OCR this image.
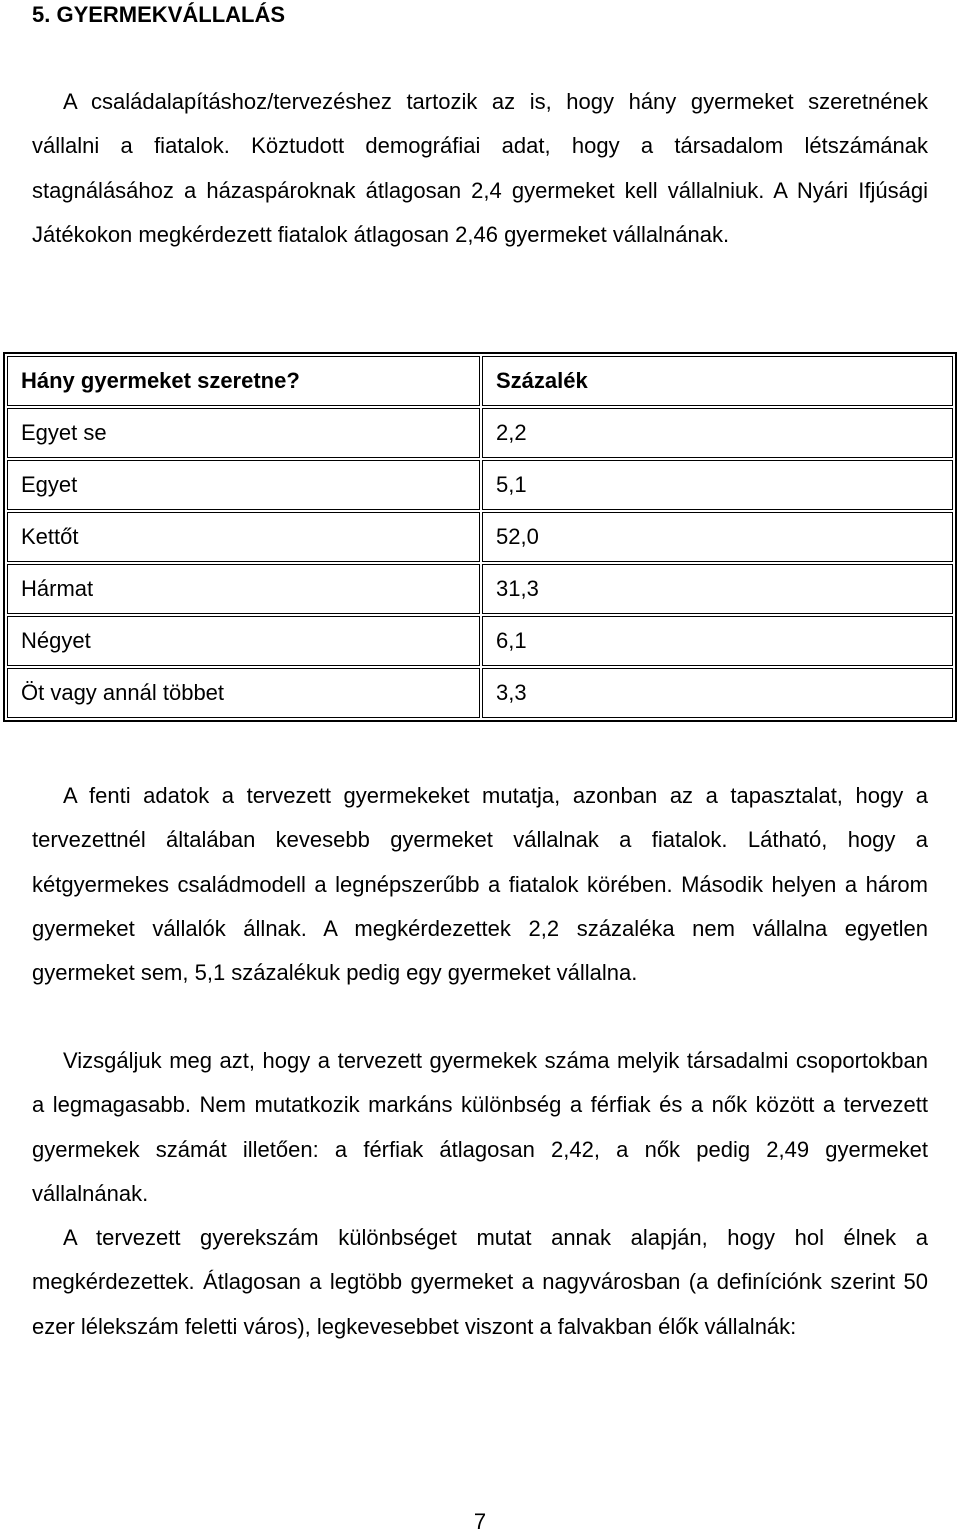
5. GYERMEKVÁLLALÁS

A családalapításhoz/tervezéshez tartozik az is, hogy hány gyermeket szeretnének vállalni a fiatalok. Köztudott demográfiai adat, hogy a társadalom létszámának stagnálásához a házaspároknak átlagosan 2,4 gyermeket kell vállalniuk. A Nyári Ifjúsági Játékokon megkérdezett fiatalok átlagosan 2,46 gyermeket vállalnának.

Hány gyermeket szeretne?	Százalék
Egyet se	2,2
Egyet	5,1
Kettőt	52,0
Hármat	31,3
Négyet	6,1
Öt vagy annál többet	3,3

A fenti adatok a tervezett gyermekeket mutatja, azonban az a tapasztalat, hogy a tervezettnél általában kevesebb gyermeket vállalnak a fiatalok. Látható, hogy a kétgyermekes családmodell a legnépszerűbb a fiatalok körében. Második helyen a három gyermeket vállalók állnak. A megkérdezettek 2,2 százaléka nem vállalna egyetlen gyermeket sem, 5,1 százalékuk pedig egy gyermeket vállalna.

Vizsgáljuk meg azt, hogy a tervezett gyermekek száma melyik társadalmi csoportokban a legmagasabb. Nem mutatkozik markáns különbség a férfiak és a nők között a tervezett gyermekek számát illetően: a férfiak átlagosan 2,42, a nők pedig 2,49 gyermeket vállalnának.

A tervezett gyerekszám különbséget mutat annak alapján, hogy hol élnek a megkérdezettek. Átlagosan a legtöbb gyermeket a nagyvárosban (a definíciónk szerint 50 ezer lélekszám feletti város), legkevesebbet viszont a falvakban élők vállalnák:

7
